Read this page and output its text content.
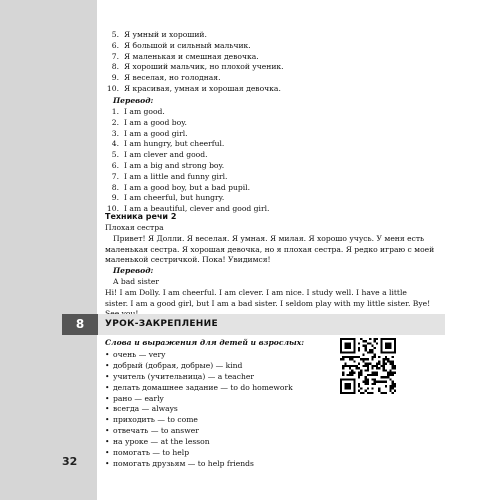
32
5. Я умный и хороший.
6. Я большой и сильный мальчик.
7. Я маленькая и смешная девочка.
8. Я хороший мальчик, но плохой ученик.
9. Я веселая, но голодная.
10. Я красивая, умная и хорошая девочка.
Перевод:
1. I am good.
2. I am a good boy.
3. I am a good girl.
4. I am hungry, but cheerful.
5. I am clever and good.
6. I am a big and strong boy.
7. I am a little and funny girl.
8. I am a good boy, but a bad pupil.
9. I am cheerful, but hungry.
10. I am a beautiful, clever and good girl.
Техника речи 2
Плохая сестра
Привет! Я Долли. Я веселая. Я умная. Я милая. Я хорошо учусь. У меня есть
маленькая сестра. Я хорошая девочка, но я плохая сестра. Я редко играю с моей
маленькой сестричкой. Пока! Увидимся!
Перевод:
A bad sister
Hi! I am Dolly. I am cheerful. I am clever. I am nice. I study well. I have a little
sister. I am a good girl, but I am a bad sister. I seldom play with my little sister. Bye!
8	УРОК-ЗАКРЕПЛЕНИЕ
Слова и выражения для детей и взрослых:
• очень — very
• добрый (добрая, добрые) — kind
• учитель (учительница) — a teacher
• делать домашнее задание — to do homework
• рано — early
• всегда — always
• приходить — to come
• отвечать — to answer
• на уроке — at the lesson
• помогать — to help
• помогать друзьям — to help friends
